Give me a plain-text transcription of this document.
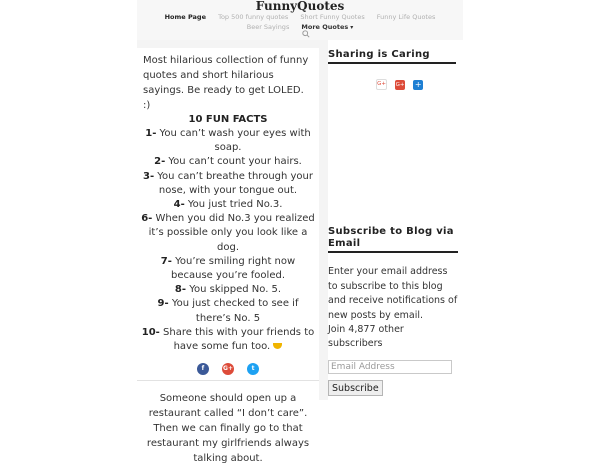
FunnyQuotes
Home Page Top 500 funny quotes Short Funny Quotes Funny Life Quotes
Beer Sayings More Quotes ▾

Most hilarious collection of funny quotes and short hilarious sayings. Be ready to get LOLED. :)

10 FUN FACTS

1- You can’t wash your eyes with soap.

2- You can’t count your hairs.

3- You can’t breathe through your nose, with your tongue out.

4- You just tried No.3.

6- When you did No.3 you realized it’s possible only you look like a dog.

7- You’re smiling right now because you’re fooled.

8- You skipped No. 5.

9- You just checked to see if there’s No. 5

10- Share this with your friends to have some fun too.

f	G+	t

Someone should open up a restaurant called “I don’t care”. Then we can finally go to that restaurant my girlfriends always talking about.

Sharing is Caring
G+ G+ +
Subscribe to Blog via Email

Enter your email address to subscribe to this blog and receive notifications of new posts by email.

Join 4,877 other subscribers

Email Address Subscribe
